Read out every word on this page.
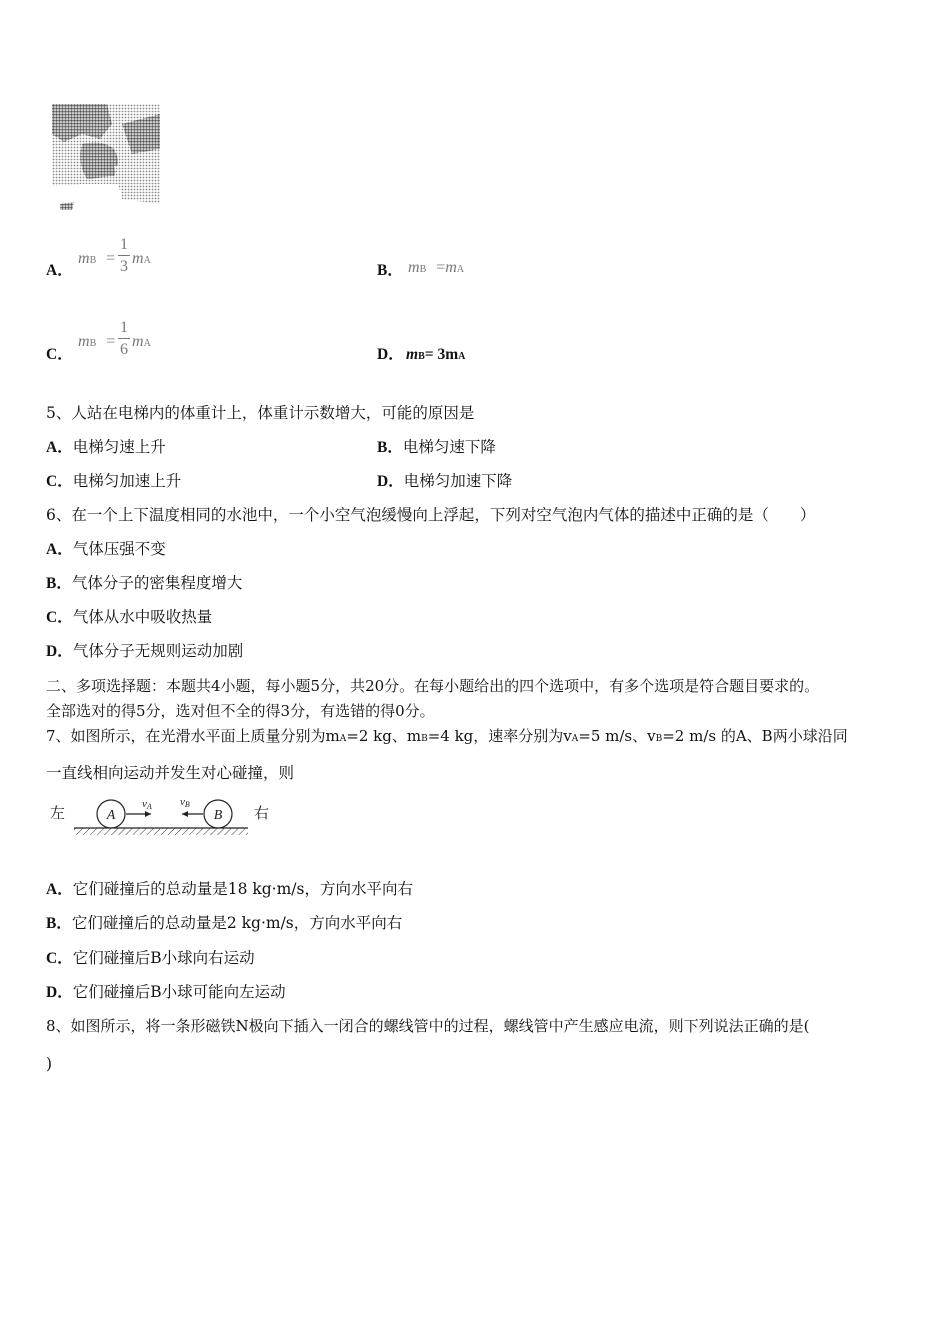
A．
mB =
1
3 mA
B． mB =mA
C．
mB =
1
6 mA
D． mB= 3mA
5、人站在电梯内的体重计上，体重计示数增大，可能的原因是
A．电梯匀速上升	B．电梯匀速下降
C．电梯匀加速上升	D．电梯匀加速下降
6、在一个上下温度相同的水池中，一个小空气泡缓慢向上浮起，下列对空气泡内气体的描述中正确的是（　　）
A．气体压强不变
B．气体分子的密集程度增大
C．气体从水中吸收热量
D．气体分子无规则运动加剧
二、多项选择题：本题共4小题，每小题5分，共20分。在每小题给出的四个选项中，有多个选项是符合题目要求的。
全部选对的得5分，选对但不全的得3分，有选错的得0分。
7、如图所示，在光滑水平面上质量分别为mA=2 kg、mB=4 kg，速率分别为vA=5 m/s、vB=2 m/s 的A、B两小球沿同
一直线相向运动并发生对心碰撞，则
左	右
A	B
vA	vB
A．它们碰撞后的总动量是18 kg·m/s，方向水平向右
B．它们碰撞后的总动量是2 kg·m/s，方向水平向右
C．它们碰撞后B小球向右运动
D．它们碰撞后B小球可能向左运动
8、如图所示，将一条形磁铁N极向下插入一闭合的螺线管中的过程，螺线管中产生感应电流，则下列说法正确的是(
)
